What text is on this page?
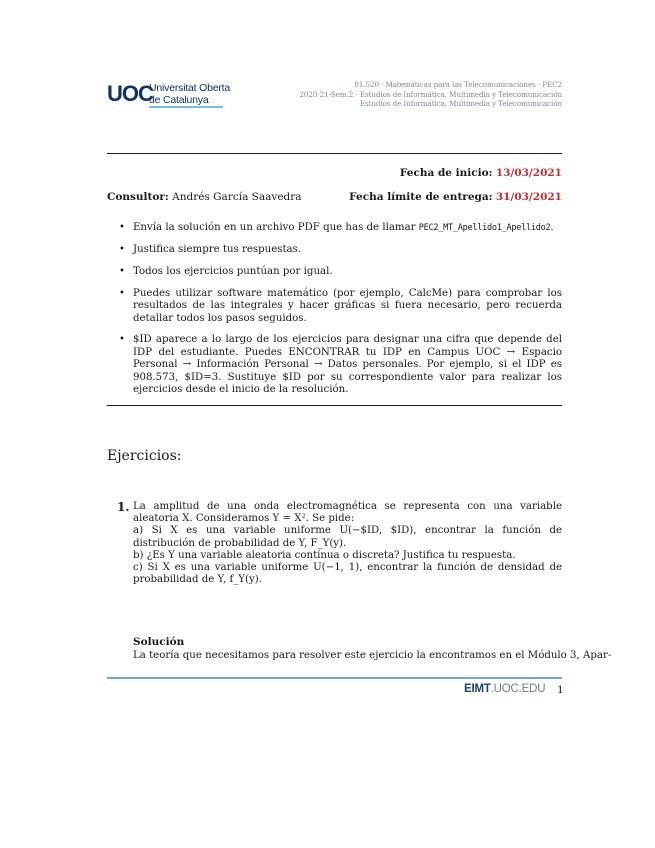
UOC
Universitat Oberta
de Catalunya
81.520 · Matemáticas para las Telecomunicaciones · PEC2
2020-21-Sem.2 · Estudios de Informática, Multimedia y Telecomunicación
Estudios de Informática, Multimedia y Telecomunicación
Fecha de inicio: 13/03/2021
Consultor: Andrés García Saavedra	Fecha límite de entrega: 31/03/2021
• Envía la solución en un archivo PDF que has de llamar PEC2_MT_Apellido1_Apellido2.
• Justifica siempre tus respuestas.
• Todos los ejercicios puntúan por igual.
• Puedes utilizar software matemático (por ejemplo, CalcMe) para comprobar los resultados de las integrales y hacer gráficas si fuera necesario, pero recuerda detallar todos los pasos seguidos.
• $ID aparece a lo largo de los ejercicios para designar una cifra que depende del IDP del estudiante. Puedes ENCONTRAR tu IDP en Campus UOC → Espacio Personal → Información Personal → Datos personales. Por ejemplo, si el IDP es 908.573, $ID=3. Sustituye $ID por su correspondiente valor para realizar los ejercicios desde el inicio de la resolución.
Ejercicios:
1. La amplitud de una onda electromagnética se representa con una variable aleatoria X. Consideramos Y = X². Se pide:

a) Si X es una variable uniforme U(−$ID, $ID), encontrar la función de distribución de probabilidad de Y, F_Y(y).

b) ¿Es Y una variable aleatoria contínua o discreta? Justifica tu respuesta.

c) Si X es una variable uniforme U(−1, 1), encontrar la función de densidad de probabilidad de Y, f_Y(y).

Solución
La teoría que necesitamos para resolver este ejercicio la encontramos en el Módulo 3, Apar-
EIMT.UOC.EDU 1
